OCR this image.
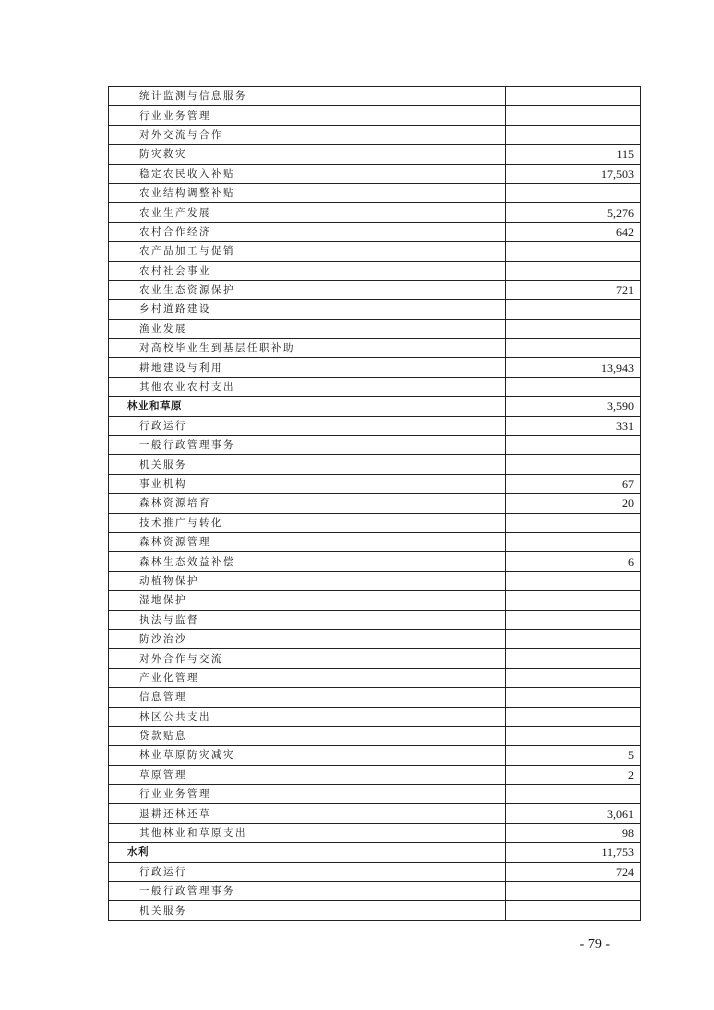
统计监测与信息服务	
行业业务管理	
对外交流与合作	
防灾救灾	115
稳定农民收入补贴	17,503
农业结构调整补贴	
农业生产发展	5,276
农村合作经济	642
农产品加工与促销	
农村社会事业	
农业生态资源保护	721
乡村道路建设	
渔业发展	
对高校毕业生到基层任职补助	
耕地建设与利用	13,943
其他农业农村支出	
林业和草原	3,590
行政运行	331
一般行政管理事务	
机关服务	
事业机构	67
森林资源培育	20
技术推广与转化	
森林资源管理	
森林生态效益补偿	6
动植物保护	
湿地保护	
执法与监督	
防沙治沙	
对外合作与交流	
产业化管理	
信息管理	
林区公共支出	
贷款贴息	
林业草原防灾减灾	5
草原管理	2
行业业务管理	
退耕还林还草	3,061
其他林业和草原支出	98
水利	11,753
行政运行	724
一般行政管理事务	
机关服务	
- 79 -
